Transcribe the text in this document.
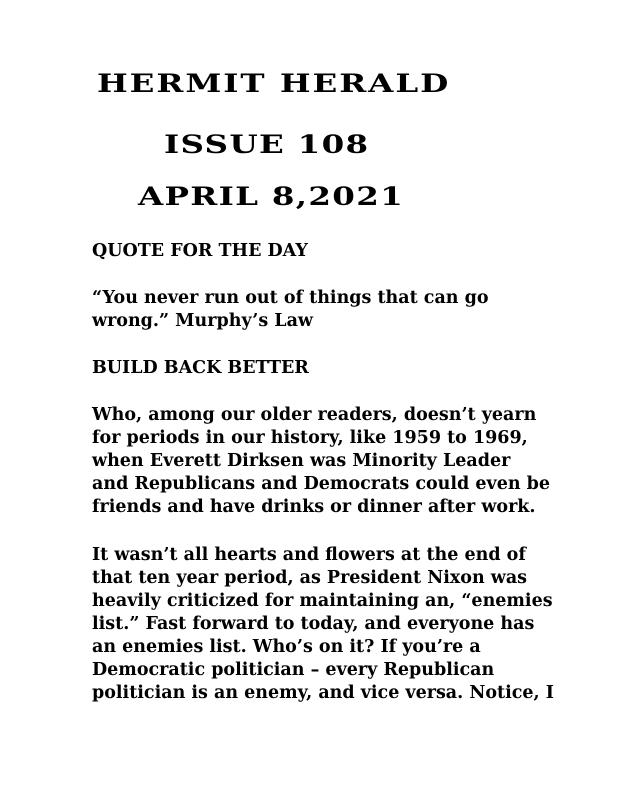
HERMIT HERALD
ISSUE 108
APRIL 8,2021
QUOTE FOR THE DAY
“You never run out of things that can go
wrong.” Murphy’s Law
BUILD BACK BETTER
Who, among our older readers, doesn’t yearn
for periods in our history, like 1959 to 1969,
when Everett Dirksen was Minority Leader
and Republicans and Democrats could even be
friends and have drinks or dinner after work.
It wasn’t all hearts and flowers at the end of
that ten year period, as President Nixon was
heavily criticized for maintaining an, “enemies
list.” Fast forward to today, and everyone has
an enemies list. Who’s on it? If you’re a
Democratic politician – every Republican
politician is an enemy, and vice versa. Notice, I
